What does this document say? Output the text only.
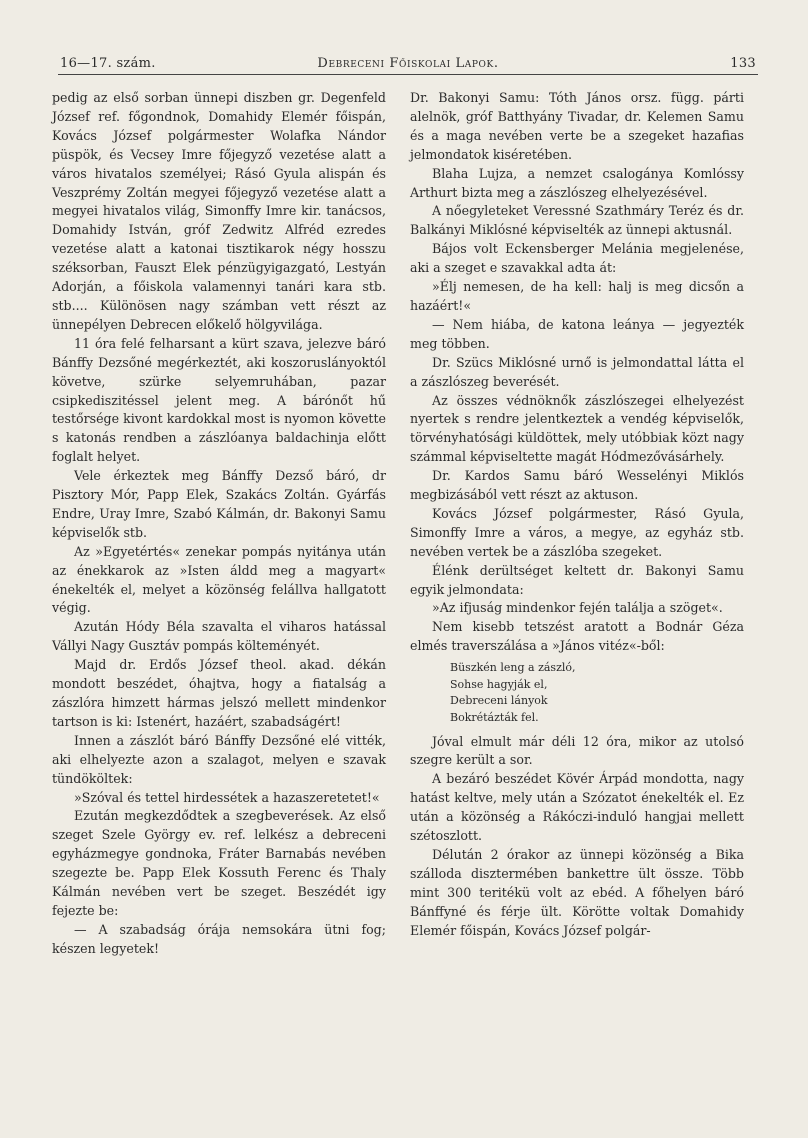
16—17. szám.	Debreceni Főiskolai Lapok.	133

pedig az első sorban ünnepi diszben gr. Degenfeld József ref. főgondnok, Domahidy Elemér főispán, Kovács József polgármester Wolafka Nándor püspök, és Vecsey Imre főjegyző vezetése alatt a város hivatalos személyei; Rásó Gyula alispán és Veszprémy Zoltán megyei főjegyző vezetése alatt a megyei hivatalos világ, Simonffy Imre kir. tanácsos, Domahidy István, gróf Zedwitz Alfréd ezredes vezetése alatt a katonai tisztikarok négy hosszu széksorban, Fauszt Elek pénzügyigazgató, Lestyán Adorján, a főiskola valamennyi tanári kara stb. stb.... Különösen nagy számban vett részt az ünnepélyen Debrecen előkelő hölgyvilága.

11 óra felé felharsant a kürt szava, jelezve báró Bánffy Dezsőné megérkeztét, aki koszoruslányoktól követve, szürke selyemruhában, pazar csipkediszitéssel jelent meg. A bárónőt hű testőrsége kivont kardokkal most is nyomon követte s katonás rendben a zászlóanya baldachinja előtt foglalt helyet.

Vele érkeztek meg Bánffy Dezső báró, dr Pisztory Mór, Papp Elek, Szakács Zoltán. Gyárfás Endre, Uray Imre, Szabó Kálmán, dr. Bakonyi Samu képviselők stb.

Az »Egyetértés« zenekar pompás nyitánya után az énekkarok az »Isten áldd meg a magyart« énekelték el, melyet a közönség felállva hallgatott végig.

Azután Hódy Béla szavalta el viharos hatással Vállyi Nagy Gusztáv pompás költeményét.

Majd dr. Erdős József theol. akad. dékán mondott beszédet, óhajtva, hogy a fiatalság a zászlóra himzett hármas jelszó mellett mindenkor tartson is ki: Istenért, hazáért, szabadságért!

Innen a zászlót báró Bánffy Dezsőné elé vitték, aki elhelyezte azon a szalagot, melyen e szavak tündököltek:

»Szóval és tettel hirdessétek a hazaszeretetet!«

Ezután megkezdődtek a szegbeverések. Az első szeget Szele György ev. ref. lelkész a debreceni egyházmegye gondnoka, Fráter Barnabás nevében szegezte be. Papp Elek Kossuth Ferenc és Thaly Kálmán nevében vert be szeget. Beszédét igy fejezte be:

— A szabadság órája nemsokára ütni fog; készen legyetek!

Dr. Bakonyi Samu: Tóth János orsz. függ. párti alelnök, gróf Batthyány Tivadar, dr. Kelemen Samu és a maga nevében verte be a szegeket hazafias jelmondatok kiséretében.

Blaha Lujza, a nemzet csalogánya Komlóssy Arthurt bizta meg a zászlószeg elhelyezésével.

A nőegyleteket Veressné Szathmáry Teréz és dr. Balkányi Miklósné képviselték az ünnepi aktusnál.

Bájos volt Eckensberger Melánia megjelenése, aki a szeget e szavakkal adta át:

»Élj nemesen, de ha kell: halj is meg dicsőn a hazáért!«

— Nem hiába, de katona leánya — jegyezték meg többen.

Dr. Szücs Miklósné urnő is jelmondattal látta el a zászlószeg beverését.

Az összes védnöknők zászlószegei elhelyezést nyertek s rendre jelentkeztek a vendég képviselők, törvényhatósági küldöttek, mely utóbbiak közt nagy számmal képviseltette magát Hódmezővásárhely.

Dr. Kardos Samu báró Wesselényi Miklós megbizásából vett részt az aktuson.

Kovács József polgármester, Rásó Gyula, Simonffy Imre a város, a megye, az egyház stb. nevében vertek be a zászlóba szegeket.

Élénk derültséget keltett dr. Bakonyi Samu egyik jelmondata:

»Az ifjuság mindenkor fején találja a szöget«.

Nem kisebb tetszést aratott a Bodnár Géza elmés traverszálása a »János vitéz«-ből:

Büszkén leng a zászló,
Sohse hagyják el,
Debreceni lányok
Bokrétázták fel.

Jóval elmult már déli 12 óra, mikor az utolsó szegre került a sor.

A bezáró beszédet Kövér Árpád mondotta, nagy hatást keltve, mely után a Szózatot énekelték el. Ez után a közönség a Rákóczi-induló hangjai mellett szétoszlott.

Délután 2 órakor az ünnepi közönség a Bika szálloda disztermében bankettre ült össze. Több mint 300 teritékü volt az ebéd. A főhelyen báró Bánffyné és férje ült. Körötte voltak Domahidy Elemér főispán, Kovács József polgár-
